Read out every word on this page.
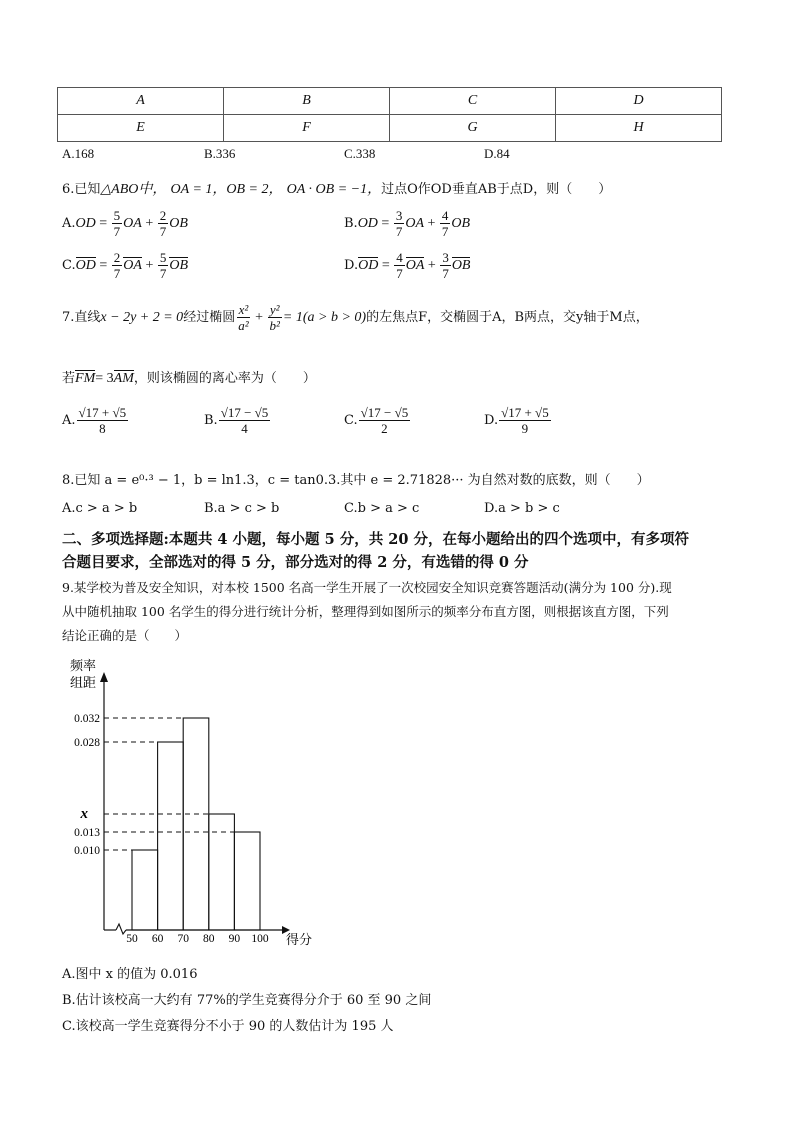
A	B	C	D
E	F	G	H
A.168	B.336	C.338	D.84
6.已知△ABO中， OA = 1，OB = 2， OA · OB = −1，过点O作OD垂直AB于点D，则（　　）
$A.OD = \frac{5}{7}$ OA + $\frac{2}{7}$ OB	$B.OD = \frac{3}{7}$ OA + $\frac{4}{7}$ OB
$C.OD = \frac{2}{7}$ OA + $\frac{5}{7}$ OB	$D.OD = \frac{4}{7}$ OA + $\frac{3}{7}$ OB
7.直线x − 2y + 2 = 0经过椭圆 $\frac{\text{x²}}{\text{a²}} + \frac{\text{y²}}{\text{b²}} = 1(a > b > 0)$的左焦点F，交椭圆于A，B两点，交y轴于M点，
若FM= 3AM，则该椭圆的离心率为（　　）
A. $\frac{√17 + √5}{8}$	B. $\frac{√17 - √5}{4}$	C. $\frac{√17 - √5}{2}$	D. $\frac{√17 + √5}{9}$
8.已知 a = e⁰·³ − 1，b = ln1.3，c = tan0.3.其中 e = 2.71828··· 为自然对数的底数，则（　　）
A.c > a > b	B.a > c > b	C.b > a > c	D.a > b > c
二、多项选择题:本题共 4 小题，每小题 5 分，共 20 分，在每小题给出的四个选项中，有多项符
合题目要求，全部选对的得 5 分，部分选对的得 2 分，有选错的得 0 分
9.某学校为普及安全知识，对本校 1500 名高一学生开展了一次校园安全知识竞赛答题活动(满分为 100 分).现
从中随机抽取 100 名学生的得分进行统计分析，整理得到如图所示的频率分布直方图，则根据该直方图，下列
结论正确的是（　　）
0.010
0.013
x
0.028
0.032
50 60 70 80 90 100
频率
组距
得分
A.图中 x 的值为 0.016
B.估计该校高一大约有 77%的学生竞赛得分介于 60 至 90 之间
C.该校高一学生竞赛得分不小于 90 的人数估计为 195 人
